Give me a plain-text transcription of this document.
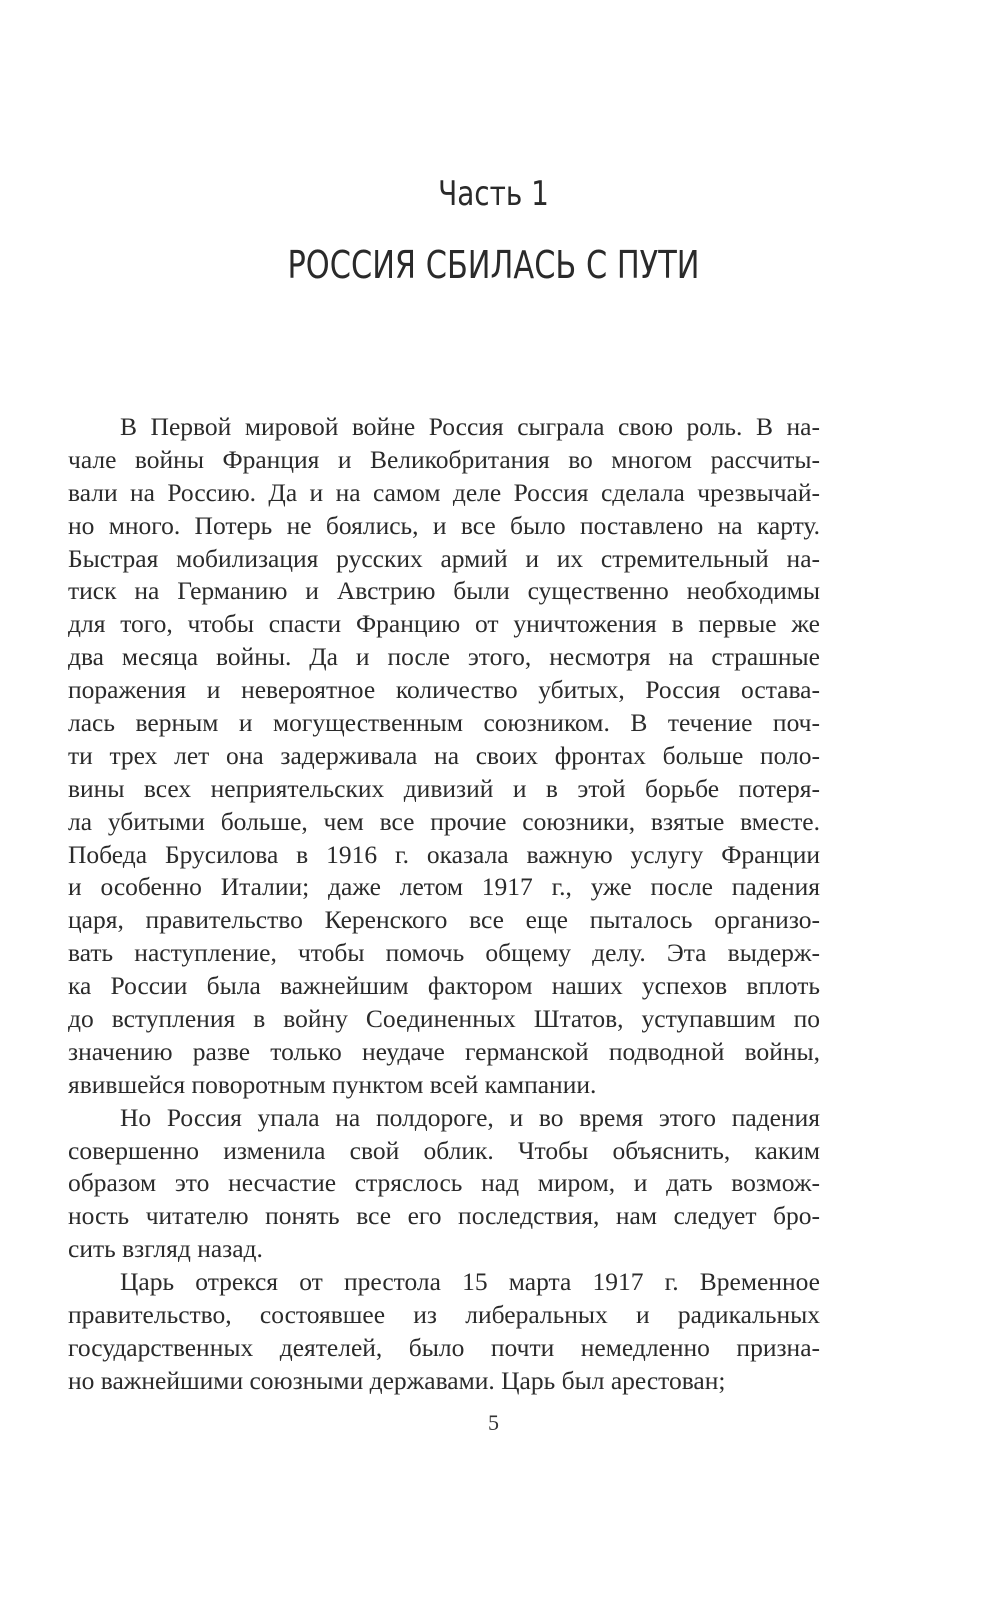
Часть 1
РОССИЯ СБИЛАСЬ С ПУТИ
В Первой мировой войне Россия сыграла свою роль. В на-
чале войны Франция и Великобритания во многом рассчиты-
вали на Россию. Да и на самом деле Россия сделала чрезвычай-
но много. Потерь не боялись, и все было поставлено на карту.
Быстрая мобилизация русских армий и их стремительный на-
тиск на Германию и Австрию были существенно необходимы
для того, чтобы спасти Францию от уничтожения в первые же
два месяца войны. Да и после этого, несмотря на страшные
поражения и невероятное количество убитых, Россия остава-
лась верным и могущественным союзником. В течение поч-
ти трех лет она задерживала на своих фронтах больше поло-
вины всех неприятельских дивизий и в этой борьбе потеря-
ла убитыми больше, чем все прочие союзники, взятые вместе.
Победа Брусилова в 1916 г. оказала важную услугу Франции
и особенно Италии; даже летом 1917 г., уже после падения
царя, правительство Керенского все еще пыталось организо-
вать наступление, чтобы помочь общему делу. Эта выдерж-
ка России была важнейшим фактором наших успехов вплоть
до вступления в войну Соединенных Штатов, уступавшим по
значению разве только неудаче германской подводной войны,
явившейся поворотным пунктом всей кампании.
Но Россия упала на полдороге, и во время этого падения
совершенно изменила свой облик. Чтобы объяснить, каким
образом это несчастие стряслось над миром, и дать возмож-
ность читателю понять все его последствия, нам следует бро-
сить взгляд назад.
Царь отрекся от престола 15 марта 1917 г. Временное
правительство, состоявшее из либеральных и радикальных
государственных деятелей, было почти немедленно призна-
но важнейшими союзными державами. Царь был арестован;
5
